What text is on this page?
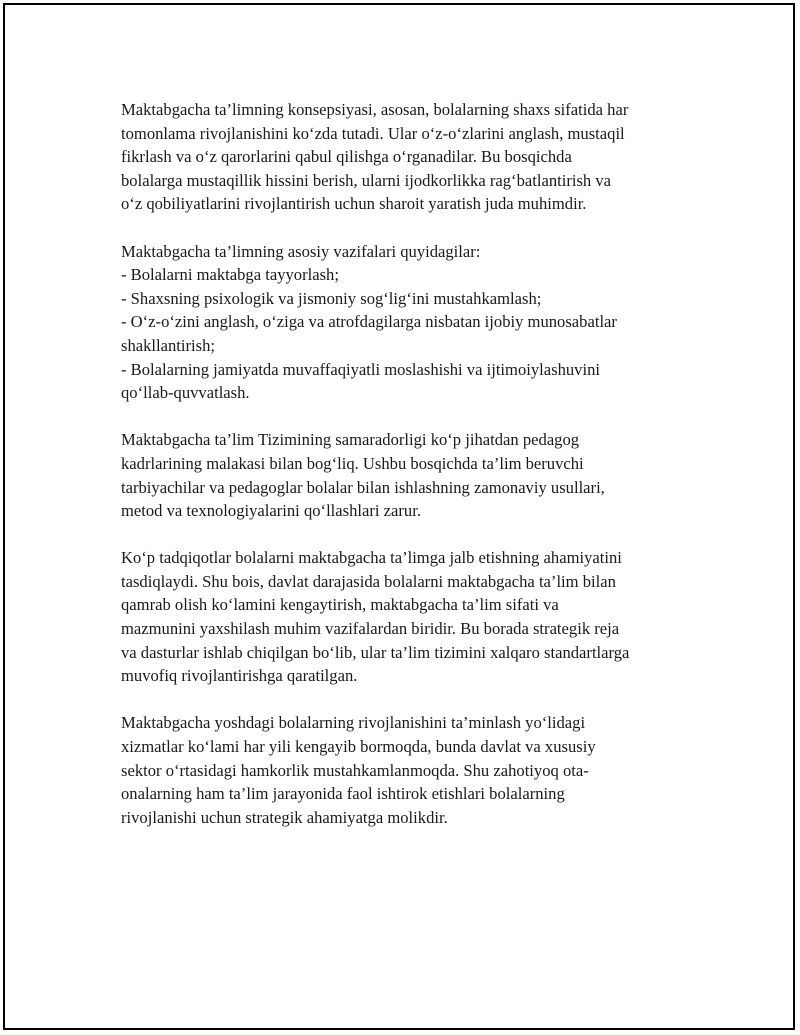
Maktabgacha ta’limning konsepsiyasi, asosan, bolalarning shaxs sifatida har
tomonlama rivojlanishini ko‘zda tutadi. Ular o‘z-o‘zlarini anglash, mustaqil
fikrlash va o‘z qarorlarini qabul qilishga o‘rganadilar. Bu bosqichda
bolalarga mustaqillik hissini berish, ularni ijodkorlikka rag‘batlantirish va
o‘z qobiliyatlarini rivojlantirish uchun sharoit yaratish juda muhimdir.

Maktabgacha ta’limning asosiy vazifalari quyidagilar:
- Bolalarni maktabga tayyorlash;
- Shaxsning psixologik va jismoniy sog‘lig‘ini mustahkamlash;
- O‘z-o‘zini anglash, o‘ziga va atrofdagilarga nisbatan ijobiy munosabatlar
shakllantirish;
- Bolalarning jamiyatda muvaffaqiyatli moslashishi va ijtimoiylashuvini
qo‘llab-quvvatlash.

Maktabgacha ta’lim Tizimining samaradorligi ko‘p jihatdan pedagog
kadrlarining malakasi bilan bog‘liq. Ushbu bosqichda ta’lim beruvchi
tarbiyachilar va pedagoglar bolalar bilan ishlashning zamonaviy usullari,
metod va texnologiyalarini qo‘llashlari zarur.

Ko‘p tadqiqotlar bolalarni maktabgacha ta’limga jalb etishning ahamiyatini
tasdiqlaydi. Shu bois, davlat darajasida bolalarni maktabgacha ta’lim bilan
qamrab olish ko‘lamini kengaytirish, maktabgacha ta’lim sifati va
mazmunini yaxshilash muhim vazifalardan biridir. Bu borada strategik reja
va dasturlar ishlab chiqilgan bo‘lib, ular ta’lim tizimini xalqaro standartlarga
muvofiq rivojlantirishga qaratilgan.

Maktabgacha yoshdagi bolalarning rivojlanishini ta’minlash yo‘lidagi
xizmatlar ko‘lami har yili kengayib bormoqda, bunda davlat va xususiy
sektor o‘rtasidagi hamkorlik mustahkamlanmoqda. Shu zahotiyoq ota-
onalarning ham ta’lim jarayonida faol ishtirok etishlari bolalarning
rivojlanishi uchun strategik ahamiyatga molikdir.
